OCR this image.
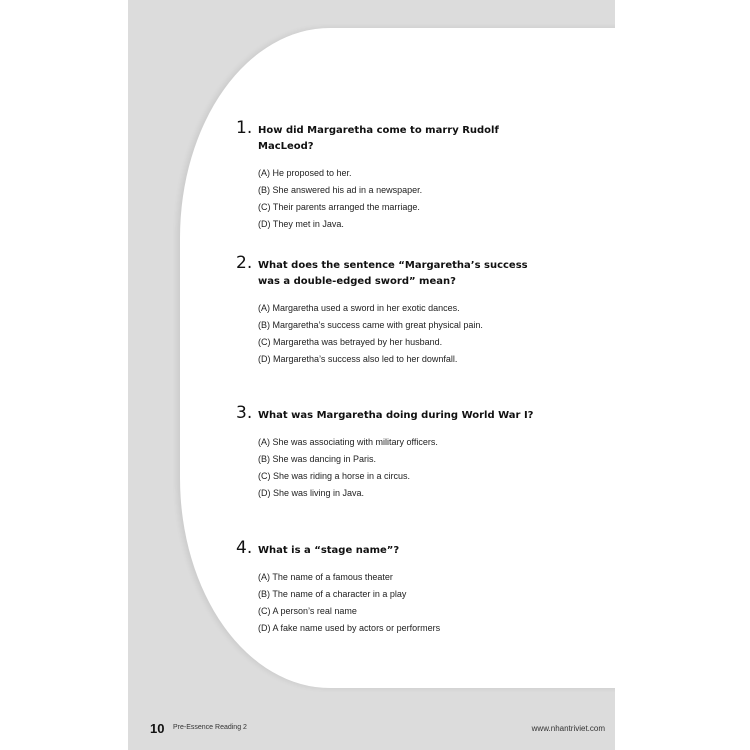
1. How did Margaretha come to marry Rudolf MacLeod?
(A) He proposed to her.
(B) She answered his ad in a newspaper.
(C) Their parents arranged the marriage.
(D) They met in Java.
2. What does the sentence “Margaretha’s success was a double-edged sword” mean?
(A) Margaretha used a sword in her exotic dances.
(B) Margaretha’s success came with great physical pain.
(C) Margaretha was betrayed by her husband.
(D) Margaretha’s success also led to her downfall.
3. What was Margaretha doing during World War I?
(A) She was associating with military officers.
(B) She was dancing in Paris.
(C) She was riding a horse in a circus.
(D) She was living in Java.
4. What is a “stage name”?
(A) The name of a famous theater
(B) The name of a character in a play
(C) A person’s real name
(D) A fake name used by actors or performers
10 Pre-Essence Reading 2	www.nhantriviet.com
